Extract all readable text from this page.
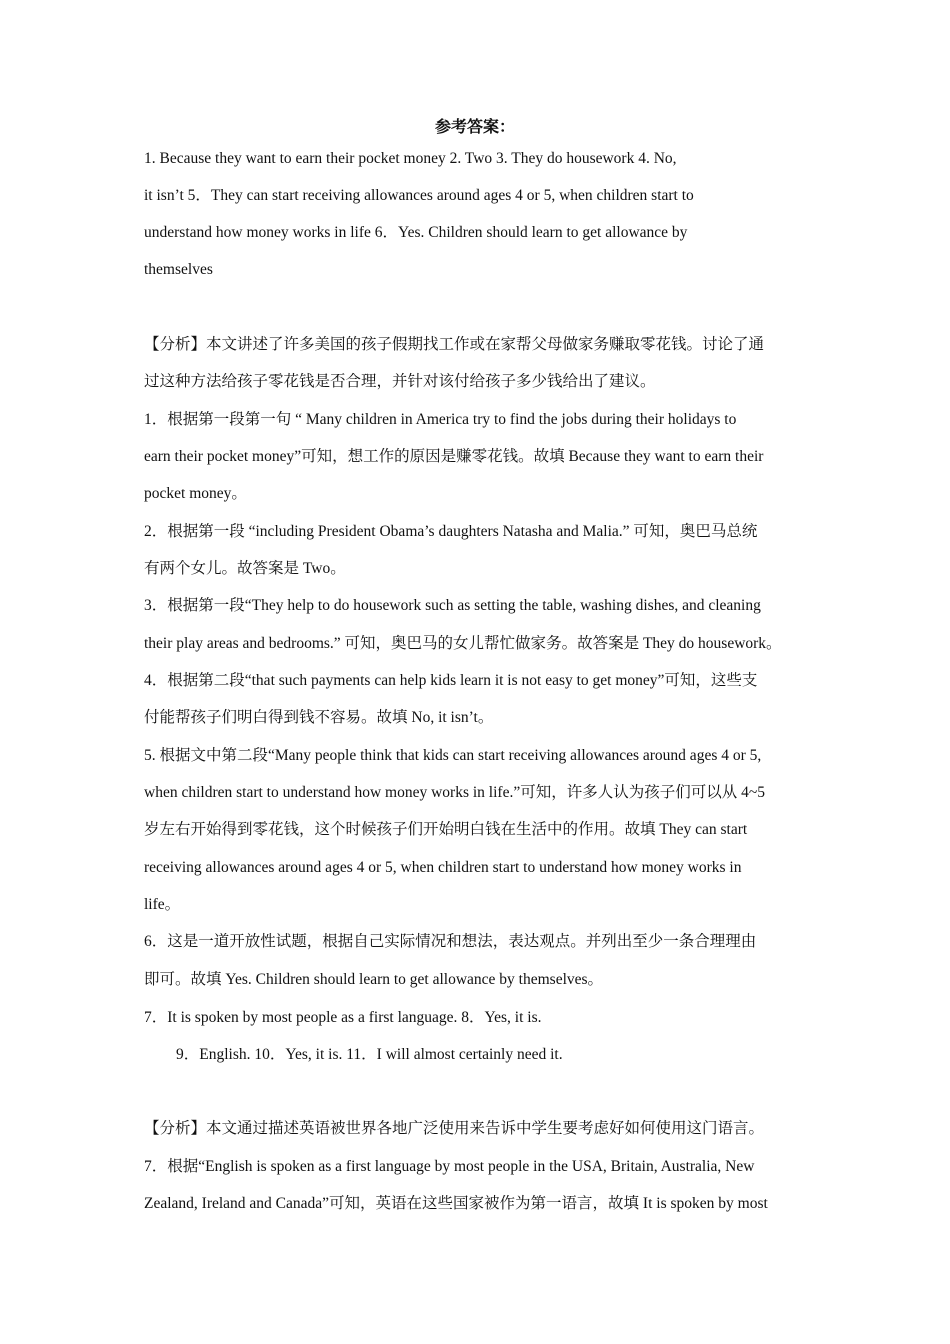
参考答案：
1. Because they want to earn their pocket money 2. Two 3. They do housework 4. No,
it isn’t 5．They can start receiving allowances around ages 4 or 5, when children start to
understand how money works in life 6．Yes. Children should learn to get allowance by
themselves
【分析】本文讲述了许多美国的孩子假期找工作或在家帮父母做家务赚取零花钱。讨论了通
过这种方法给孩子零花钱是否合理，并针对该付给孩子多少钱给出了建议。
1．根据第一段第一句 “ Many children in America try to find the jobs during their holidays to
earn their pocket money”可知，想工作的原因是赚零花钱。故填 Because they want to earn their
pocket money。
2．根据第一段 “including President Obama’s daughters Natasha and Malia.” 可知，奥巴马总统
有两个女儿。故答案是 Two。
3．根据第一段“They help to do housework such as setting the table, washing dishes, and cleaning
their play areas and bedrooms.” 可知，奥巴马的女儿帮忙做家务。故答案是 They do housework。
4．根据第二段“that such payments can help kids learn it is not easy to get money”可知，这些支
付能帮孩子们明白得到钱不容易。故填 No, it isn’t。
5. 根据文中第二段“Many people think that kids can start receiving allowances around ages 4 or 5,
when children start to understand how money works in life.”可知，许多人认为孩子们可以从 4~5
岁左右开始得到零花钱，这个时候孩子们开始明白钱在生活中的作用。故填 They can start
receiving allowances around ages 4 or 5, when children start to understand how money works in
life。
6．这是一道开放性试题，根据自己实际情况和想法，表达观点。并列出至少一条合理理由
即可。故填 Yes. Children should learn to get allowance by themselves。
7．It is spoken by most people as a first language. 8．Yes, it is.
9．English. 10．Yes, it is. 11．I will almost certainly need it.
【分析】本文通过描述英语被世界各地广泛使用来告诉中学生要考虑好如何使用这门语言。
7．根据“English is spoken as a first language by most people in the USA, Britain, Australia, New
Zealand, Ireland and Canada”可知，英语在这些国家被作为第一语言，故填 It is spoken by most
